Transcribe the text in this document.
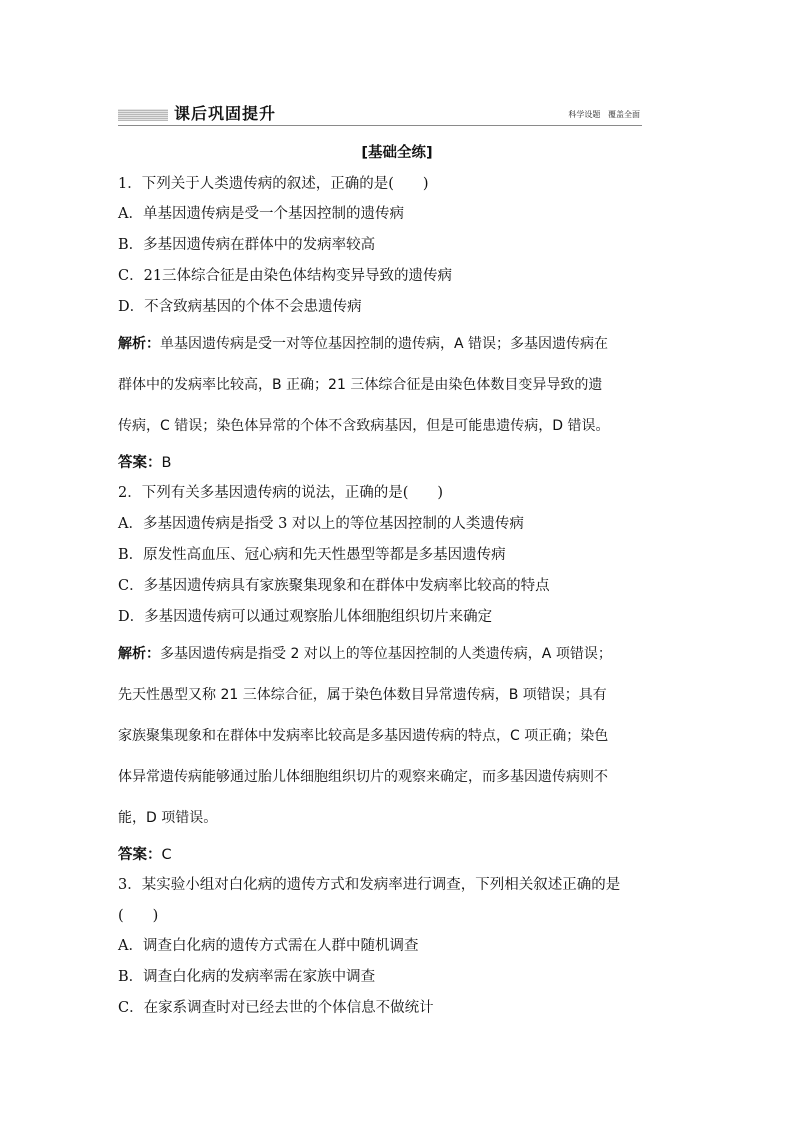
课后巩固提升	科学设题   覆盖全面
[基础全练]
1．下列关于人类遗传病的叙述，正确的是(　　)
A．单基因遗传病是受一个基因控制的遗传病
B．多基因遗传病在群体中的发病率较高
C．21三体综合征是由染色体结构变异导致的遗传病
D．不含致病基因的个体不会患遗传病
解析：单基因遗传病是受一对等位基因控制的遗传病，A 错误；多基因遗传病在
群体中的发病率比较高，B 正确；21 三体综合征是由染色体数目变异导致的遗
传病，C 错误；染色体异常的个体不含致病基因，但是可能患遗传病，D 错误。
答案：B
2．下列有关多基因遗传病的说法，正确的是(　　)
A．多基因遗传病是指受 3 对以上的等位基因控制的人类遗传病
B．原发性高血压、冠心病和先天性愚型等都是多基因遗传病
C．多基因遗传病具有家族聚集现象和在群体中发病率比较高的特点
D．多基因遗传病可以通过观察胎儿体细胞组织切片来确定
解析：多基因遗传病是指受 2 对以上的等位基因控制的人类遗传病，A 项错误；
先天性愚型又称 21 三体综合征，属于染色体数目异常遗传病，B 项错误；具有
家族聚集现象和在群体中发病率比较高是多基因遗传病的特点，C 项正确；染色
体异常遗传病能够通过胎儿体细胞组织切片的观察来确定，而多基因遗传病则不
能，D 项错误。
答案：C
3．某实验小组对白化病的遗传方式和发病率进行调查，下列相关叙述正确的是
(　　)
A．调查白化病的遗传方式需在人群中随机调查
B．调查白化病的发病率需在家族中调查
C．在家系调查时对已经去世的个体信息不做统计
